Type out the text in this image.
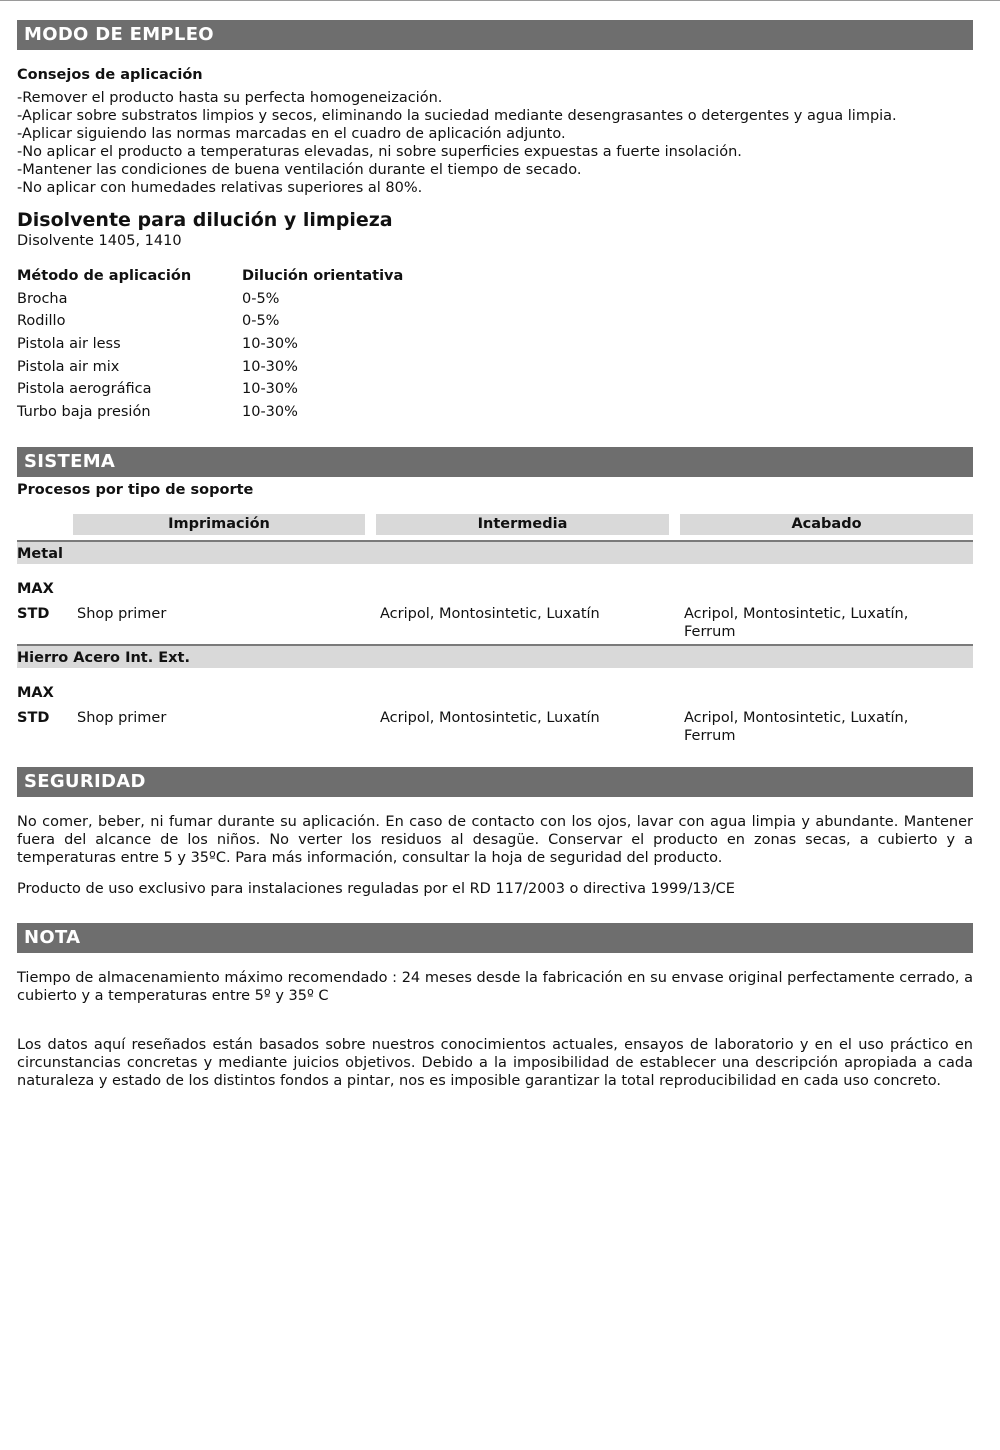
MODO DE EMPLEO
Consejos de aplicación
-Remover el producto hasta su perfecta homogeneización.
-Aplicar sobre substratos limpios y secos, eliminando la suciedad mediante desengrasantes o detergentes y agua limpia.
-Aplicar siguiendo las normas marcadas en el cuadro de aplicación adjunto.
-No aplicar el producto a temperaturas elevadas, ni sobre superficies expuestas a fuerte insolación.
-Mantener las condiciones de buena ventilación durante el tiempo de secado.
-No aplicar con humedades relativas superiores al 80%.
Disolvente para dilución y limpieza
Disolvente 1405, 1410
Método de aplicación	Dilución orientativa
Brocha	0-5%
Rodillo	0-5%
Pistola air less	10-30%
Pistola air mix	10-30%
Pistola aerográfica	10-30%
Turbo baja presión	10-30%
SISTEMA
Procesos por tipo de soporte
Imprimación	Intermedia	Acabado
Metal
MAX
STD Shop primer	Acripol, Montosintetic, Luxatín	Acripol, Montosintetic, Luxatín,
Ferrum
Hierro Acero Int. Ext.
MAX
STD Shop primer	Acripol, Montosintetic, Luxatín	Acripol, Montosintetic, Luxatín,
Ferrum
SEGURIDAD
No comer, beber, ni fumar durante su aplicación. En caso de contacto con los ojos, lavar con agua limpia y abundante. Mantener fuera del alcance de los niños. No verter los residuos al desagüe. Conservar el producto en zonas secas, a cubierto y a temperaturas entre 5 y 35ºC. Para más información, consultar la hoja de seguridad del producto.
Producto de uso exclusivo para instalaciones reguladas por el RD 117/2003 o directiva 1999/13/CE
NOTA
Tiempo de almacenamiento máximo recomendado : 24 meses desde la fabricación en su envase original perfectamente cerrado, a cubierto y a temperaturas entre 5º y 35º C
Los datos aquí reseñados están basados sobre nuestros conocimientos actuales, ensayos de laboratorio y en el uso práctico en circunstancias concretas y mediante juicios objetivos. Debido a la imposibilidad de establecer una descripción apropiada a cada naturaleza y estado de los distintos fondos a pintar, nos es imposible garantizar la total reproducibilidad en cada uso concreto.
